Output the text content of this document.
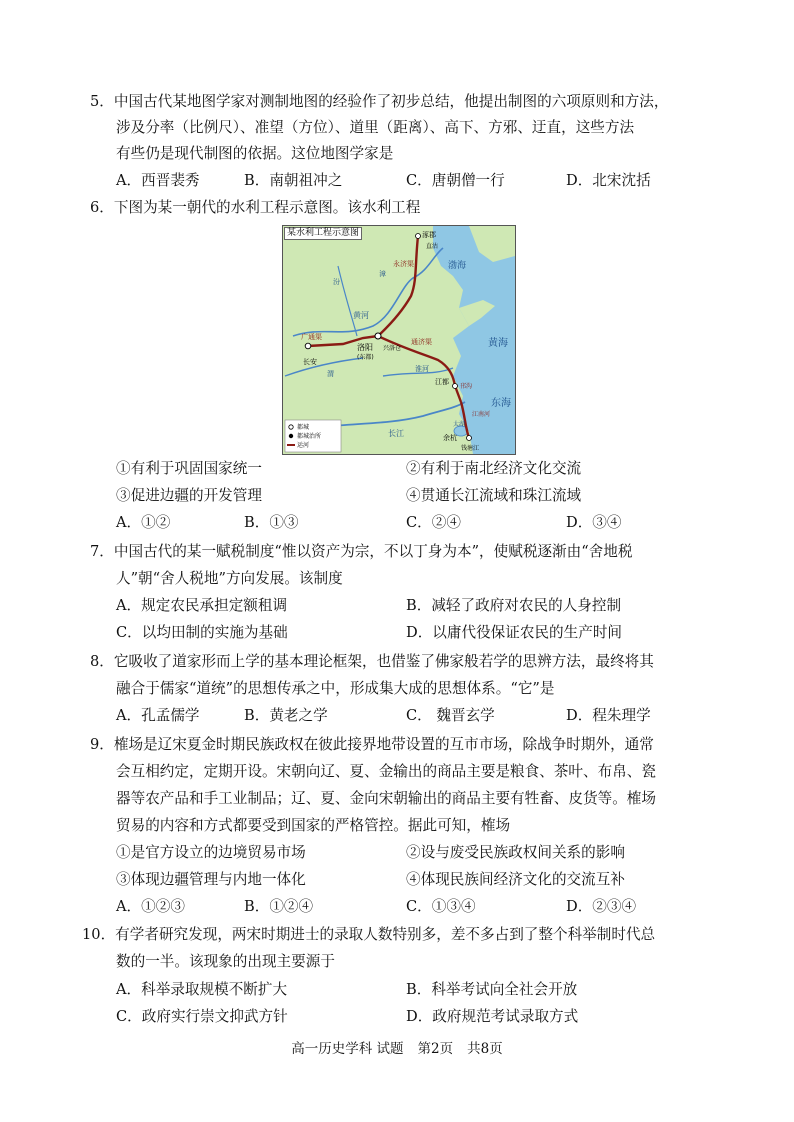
5．中国古代某地图学家对测制地图的经验作了初步总结，他提出制图的六项原则和方法，
涉及分率（比例尺）、准望（方位）、道里（距离）、高下、方邪、迂直，这些方法
有些仍是现代制图的依据。这位地图学家是
A．西晋裴秀	B．南朝祖冲之	C．唐朝僧一行	D．北宋沈括
6．下图为某一朝代的水利工程示意图。该水利工程
涿郡
直沽
永济渠
广通渠
洛阳
(东都)
兴洛仓
长安
通济渠
江都
邗沟
太湖
江南河
余杭
钱塘江
黄河
淮河
长江
渭
汾
漳
渤海
黄海
东海
都城
都城治所
运河
某水利工程示意图
①有利于巩固国家统一	②有利于南北经济文化交流
③促进边疆的开发管理	④贯通长江流域和珠江流域
A．①②	B．①③	C．②④	D．③④
7．中国古代的某一赋税制度“惟以资产为宗，不以丁身为本”，使赋税逐渐由“舍地税
人”朝“舍人税地”方向发展。该制度
A．规定农民承担定额租调	B．减轻了政府对农民的人身控制
C．以均田制的实施为基础	D．以庸代役保证农民的生产时间
8．它吸收了道家形而上学的基本理论框架，也借鉴了佛家般若学的思辨方法，最终将其
融合于儒家“道统”的思想传承之中，形成集大成的思想体系。“它”是
A．孔孟儒学	B．黄老之学	C． 魏晋玄学	D．程朱理学
9．榷场是辽宋夏金时期民族政权在彼此接界地带设置的互市市场，除战争时期外，通常
会互相约定，定期开设。宋朝向辽、夏、金输出的商品主要是粮食、茶叶、布帛、瓷
器等农产品和手工业制品；辽、夏、金向宋朝输出的商品主要有牲畜、皮货等。榷场
贸易的内容和方式都要受到国家的严格管控。据此可知，榷场
①是官方设立的边境贸易市场	②设与废受民族政权间关系的影响
③体现边疆管理与内地一体化	④体现民族间经济文化的交流互补
A．①②③	B．①②④	C．①③④	D．②③④
10．有学者研究发现，两宋时期进士的录取人数特别多，差不多占到了整个科举制时代总
数的一半。该现象的出现主要源于
A．科举录取规模不断扩大	B．科举考试向全社会开放
C．政府实行崇文抑武方针	D．政府规范考试录取方式
高一历史学科 试题 第2页 共8页
